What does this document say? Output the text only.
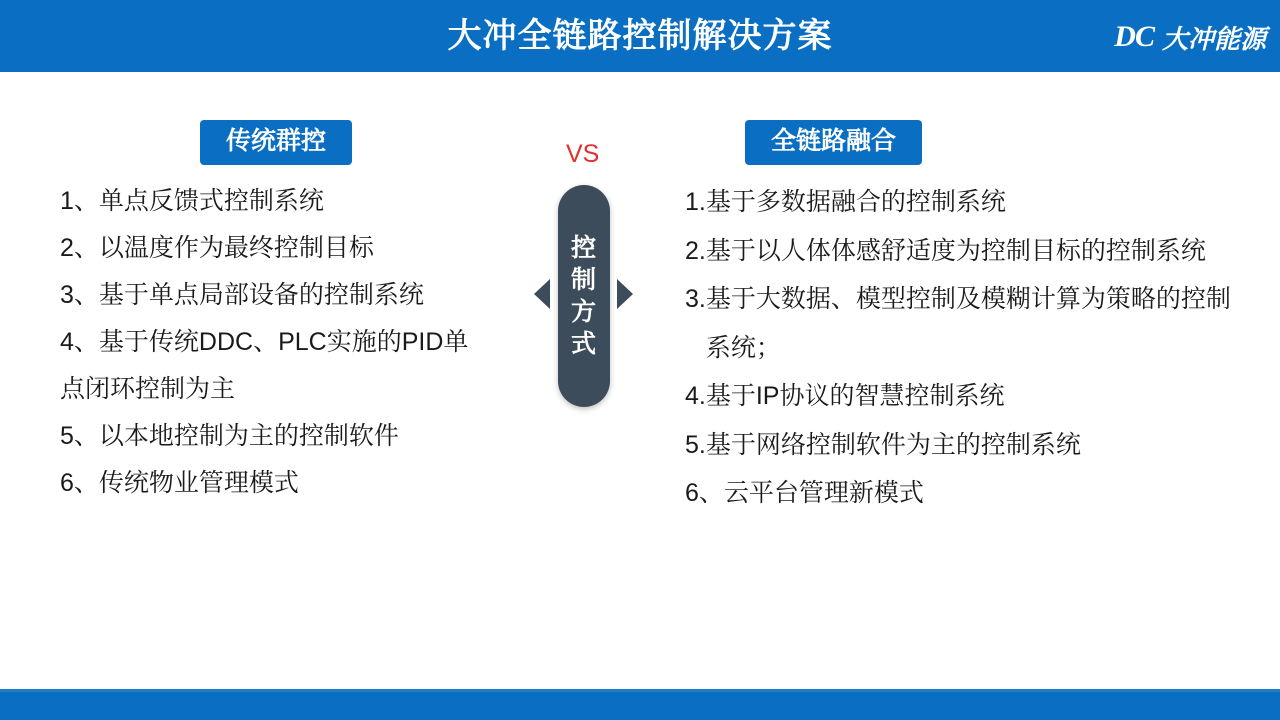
大冲全链路控制解决方案	DC 大冲能源
传统群控
1、单点反馈式控制系统
2、以温度作为最终控制目标
3、基于单点局部设备的控制系统
4、基于传统DDC、PLC实施的PID单
点闭环控制为主
5、以本地控制为主的控制软件
6、传统物业管理模式
VS
控
制
方
式
全链路融合
1.基于多数据融合的控制系统
2.基于以人体体感舒适度为控制目标的控制系统
3.基于大数据、模型控制及模糊计算为策略的控制
系统；
4.基于IP协议的智慧控制系统
5.基于网络控制软件为主的控制系统
6、云平台管理新模式
